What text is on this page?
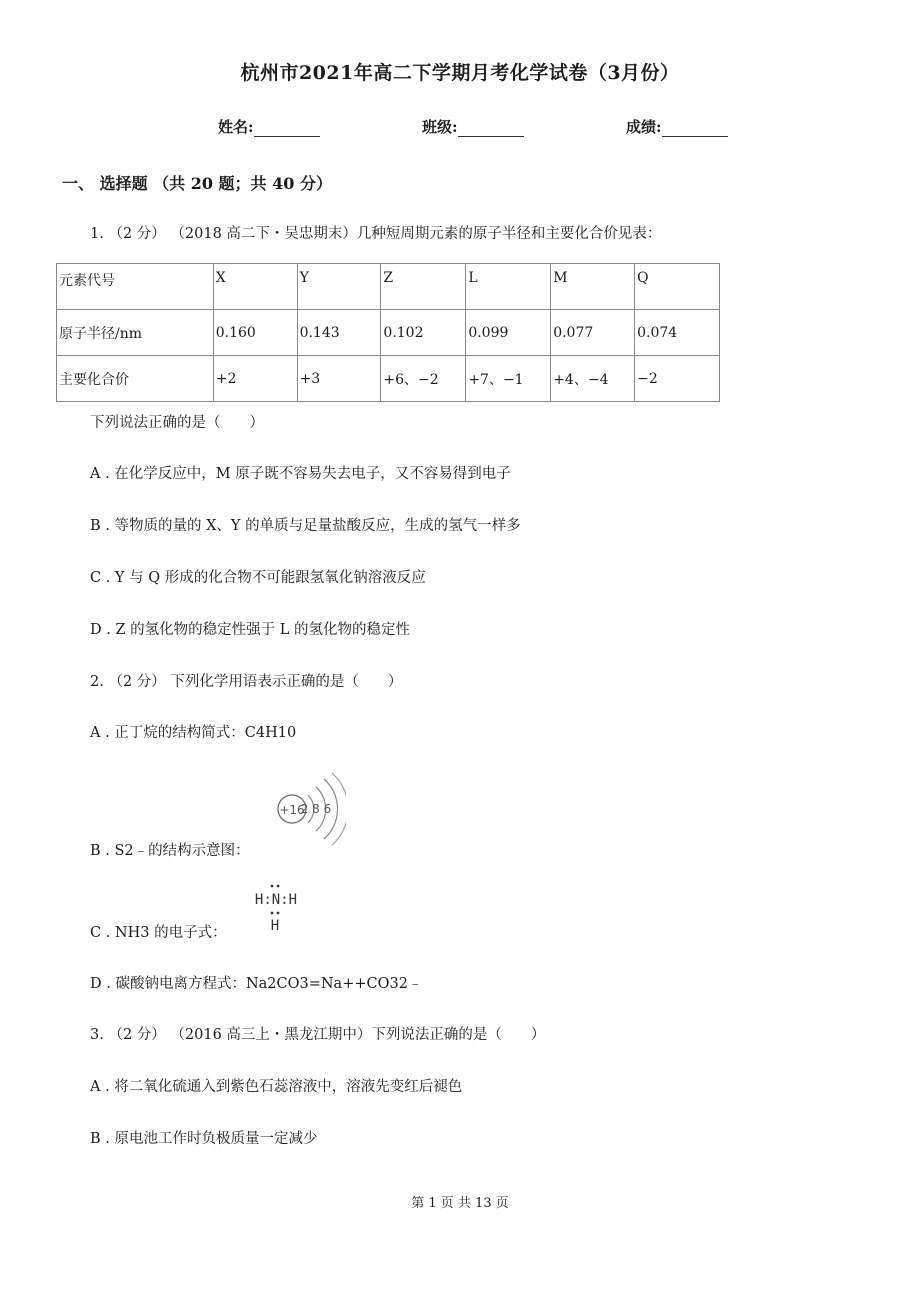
杭州市2021年高二下学期月考化学试卷（3月份）
姓名:	班级:	成绩:
一、 选择题 （共 20 题；共 40 分）
1. （2 分） （2018 高二下・吴忠期末）几种短周期元素的原子半径和主要化合价见表：
元素代号	X	Y	Z	L	M	Q
原子半径/nm	0.160	0.143	0.102	0.099	0.077	0.074
主要化合价	+2	+3	+6、−2	+7、−1	+4、−4	−2
下列说法正确的是（　　）
A . 在化学反应中，M 原子既不容易失去电子，又不容易得到电子
B . 等物质的量的 X、Y 的单质与足量盐酸反应，生成的氢气一样多
C . Y 与 Q 形成的化合物不可能跟氢氧化钠溶液反应
D . Z 的氢化物的稳定性强于 L 的氢化物的稳定性
2. （2 分） 下列化学用语表示正确的是（　　）
A . 正丁烷的结构简式：C4H10
+16
2 8 6
B . S2﹣的结构示意图：
H:N:H
H
C . NH3 的电子式：
D . 碳酸钠电离方程式：Na2CO3=Na++CO32﹣
3. （2 分） （2016 高三上・黑龙江期中）下列说法正确的是（　　）
A . 将二氧化硫通入到紫色石蕊溶液中，溶液先变红后褪色
B . 原电池工作时负极质量一定减少
第 1 页 共 13 页
